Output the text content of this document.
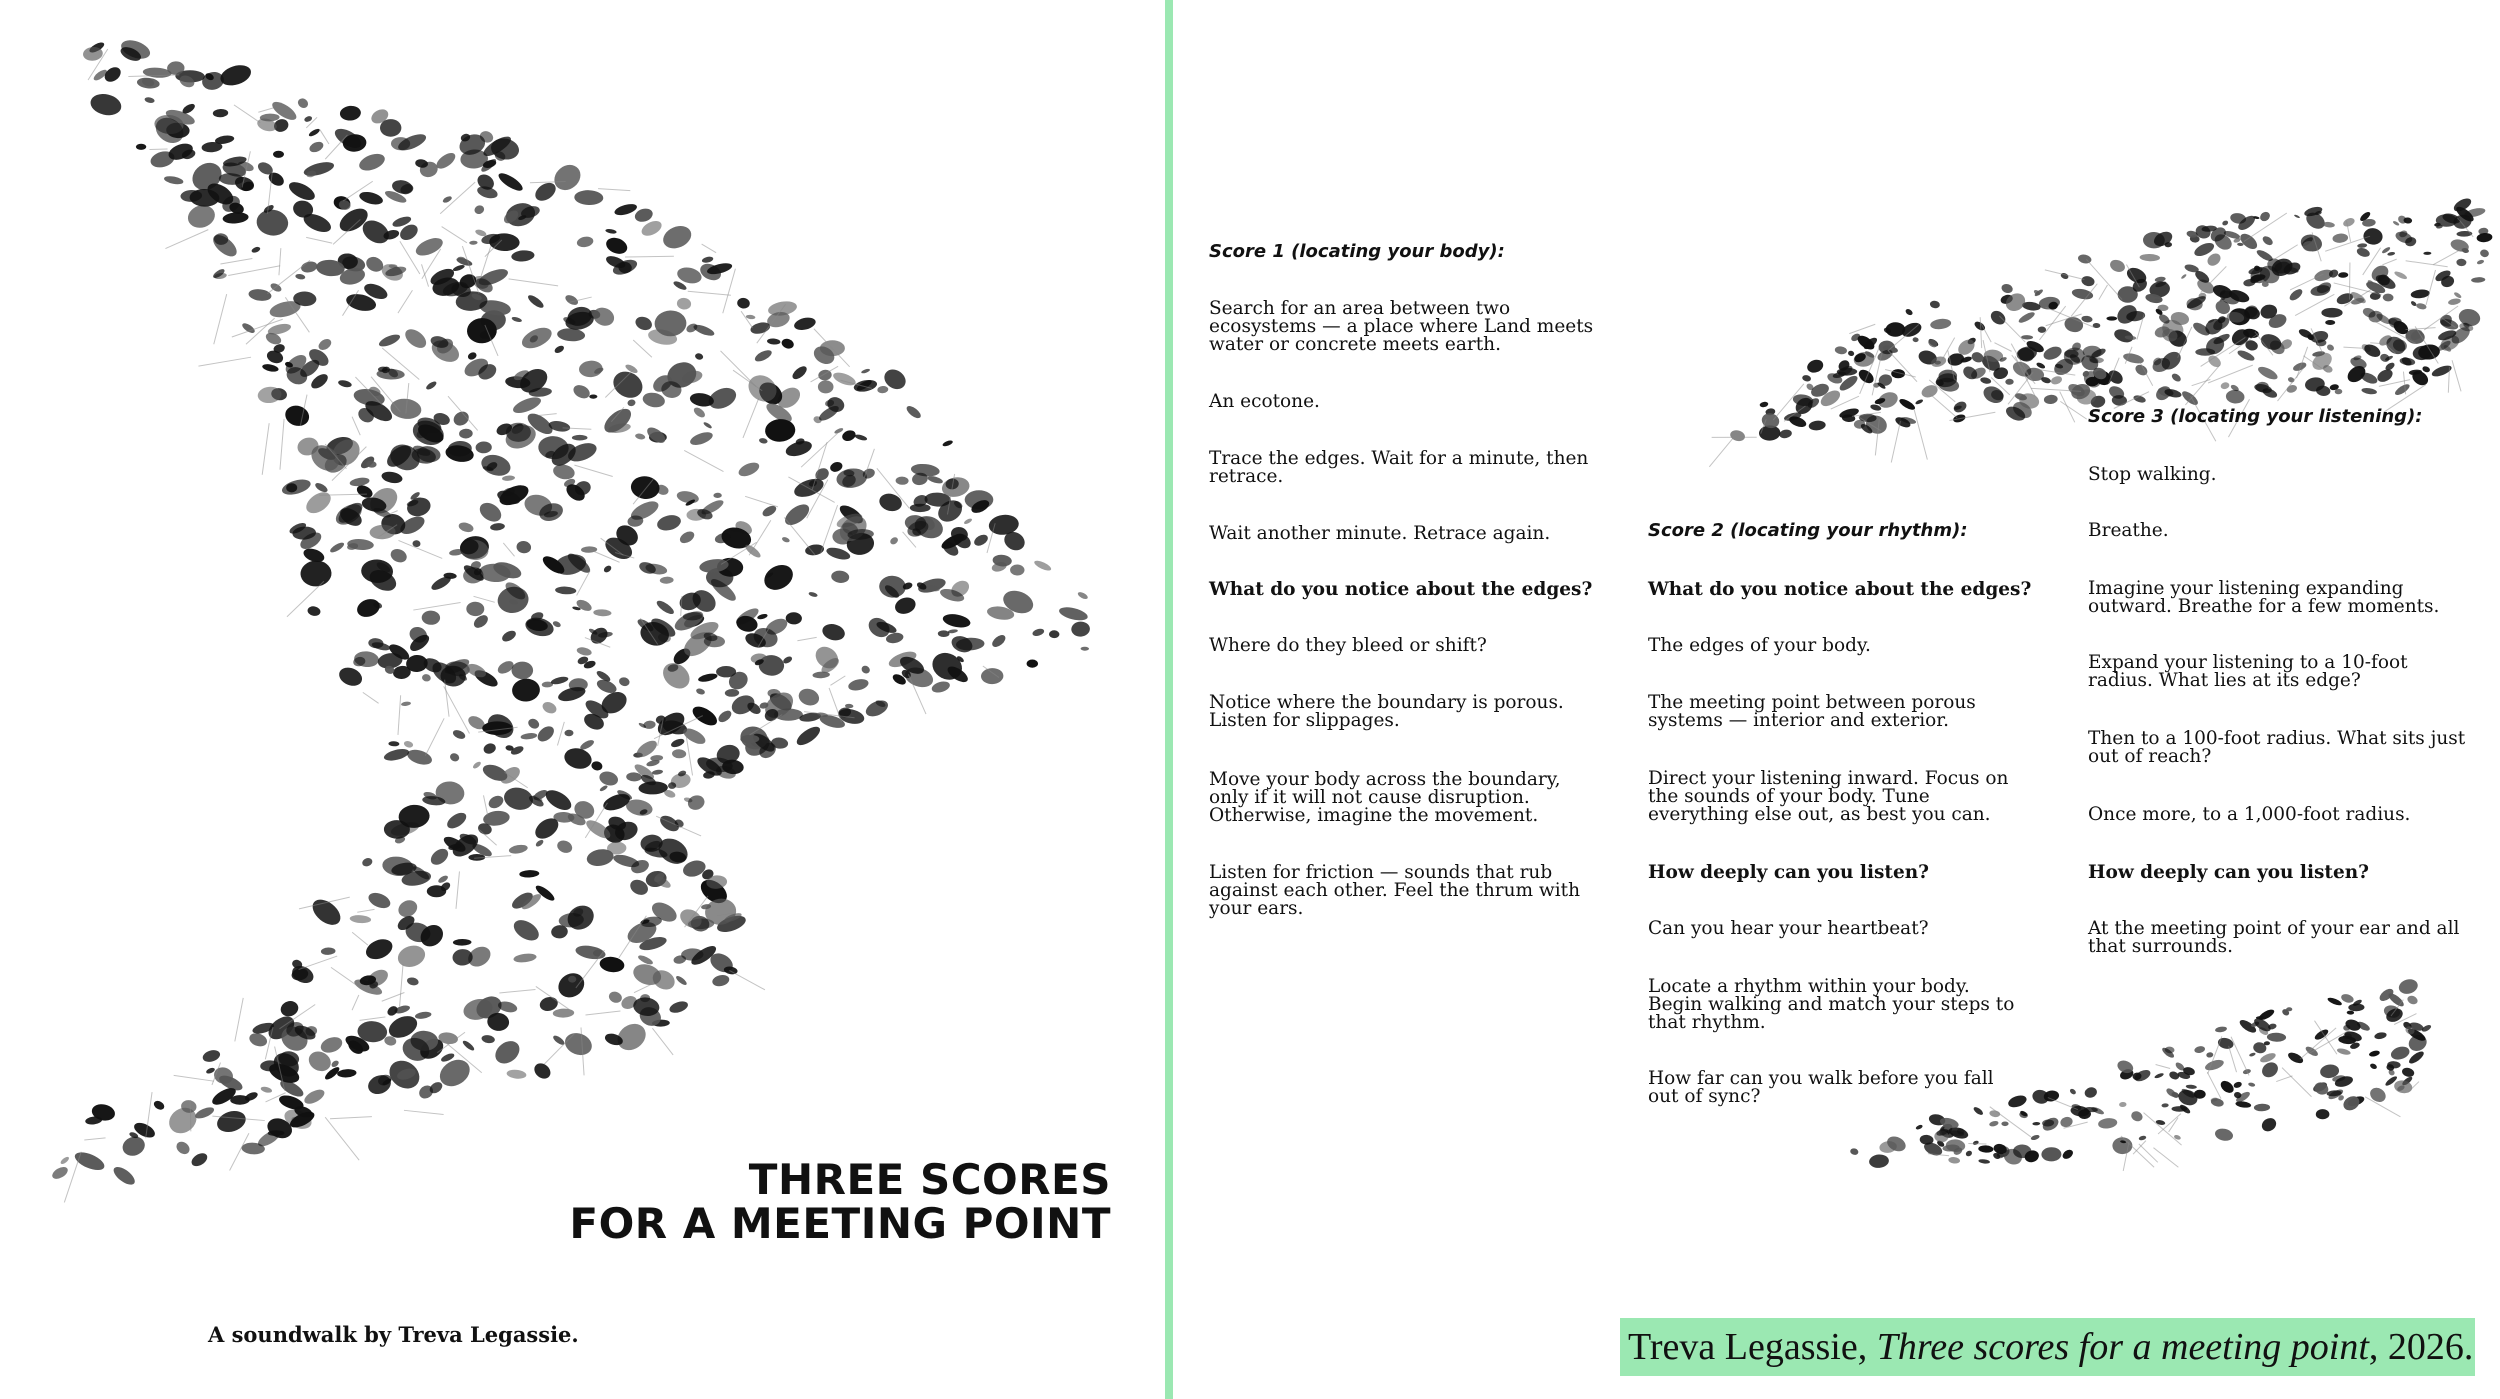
THREE SCORES
FOR A MEETING POINT
A soundwalk by Treva Legassie.

Score 1 (locating your body):

Search for an area between two

ecosystems — a place where Land meets

water or concrete meets earth.

An ecotone.

Trace the edges. Wait for a minute, then

retrace.

Wait another minute. Retrace again.

What do you notice about the edges?

Where do they bleed or shift?

Notice where the boundary is porous.

Listen for slippages.

Move your body across the boundary,

only if it will not cause disruption.

Otherwise, imagine the movement.

Listen for friction — sounds that rub

against each other. Feel the thrum with

your ears.

Score 2 (locating your rhythm):

What do you notice about the edges?

The edges of your body.

The meeting point between porous

systems — interior and exterior.

Direct your listening inward. Focus on

the sounds of your body. Tune

everything else out, as best you can.

How deeply can you listen?

Can you hear your heartbeat?

Locate a rhythm within your body.

Begin walking and match your steps to

that rhythm.

How far can you walk before you fall

out of sync?

Score 3 (locating your listening):

Stop walking.

Breathe.

Imagine your listening expanding

outward. Breathe for a few moments.

Expand your listening to a 10-foot

radius. What lies at its edge?

Then to a 100-foot radius. What sits just

out of reach?

Once more, to a 1,000-foot radius.

How deeply can you listen?

At the meeting point of your ear and all

that surrounds.

Treva Legassie, Three scores for a meeting point, 2026.
